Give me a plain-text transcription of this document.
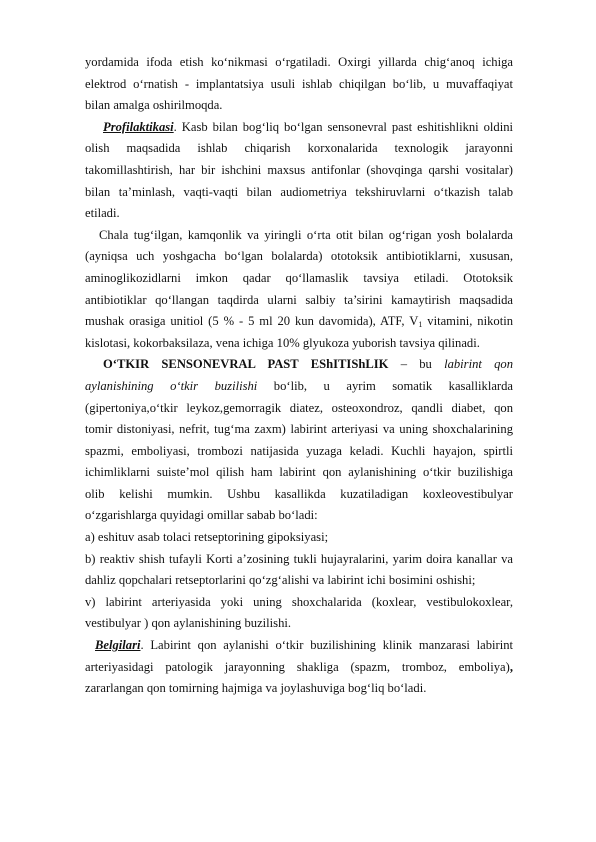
yordamida ifoda etish ko‘nikmasi o‘rgatiladi. Oxirgi yillarda chig‘anoq ichiga
elektrod o‘rnatish - implantatsiya usuli ishlab chiqilgan bo‘lib, u muvaffaqiyat
bilan amalga oshirilmoqda.
Profilaktikasi. Kasb bilan bog‘liq bo‘lgan sensonevral past eshitishlikni oldini
olish maqsadida ishlab chiqarish korxonalarida texnologik jarayonni
takomillashtirish, har bir ishchini maxsus antifonlar (shovqinga qarshi vositalar)
bilan ta’minlash, vaqti-vaqti bilan audiometriya tekshiruvlarni o‘tkazish talab
etiladi.
Chala tug‘ilgan, kamqonlik va yiringli o‘rta otit bilan og‘rigan yosh bolalarda
(ayniqsa uch yoshgacha bo‘lgan bolalarda) ototoksik antibiotiklarni, xususan,
aminoglikozidlarni imkon qadar qo‘llamaslik tavsiya etiladi. Ototoksik
antibiotiklar qo‘llangan taqdirda ularni salbiy ta’sirini kamaytirish maqsadida
mushak orasiga unitiol (5 % - 5 ml 20 kun davomida), ATF, $V_1$ vitamini, nikotin
kislotasi, kokorbaksilaza, vena ichiga 10% glyukoza yuborish tavsiya qilinadi.
O‘TKIR SENSONEVRAL PAST EShITIShLIK – bu labirint qon
aylanishining o‘tkir buzilishi bo‘lib, u ayrim somatik kasalliklarda
(gipertoniya,o‘tkir leykoz,gemorragik diatez, osteoxondroz, qandli diabet, qon
tomir distoniyasi, nefrit, tug‘ma zaxm) labirint arteriyasi va uning shoxchalarining
spazmi, emboliyasi, trombozi natijasida yuzaga keladi. Kuchli hayajon, spirtli
ichimliklarni suiste’mol qilish ham labirint qon aylanishining o‘tkir buzilishiga
olib kelishi mumkin. Ushbu kasallikda kuzatiladigan koxleovestibulyar
o‘zgarishlarga quyidagi omillar sabab bo‘ladi:
a) eshituv asab tolaci retseptorining gipoksiyasi;
b) reaktiv shish tufayli Korti a’zosining tukli hujayralarini, yarim doira kanallar va
dahliz qopchalari retseptorlarini qo‘zg‘alishi va labirint ichi bosimini oshishi;
v) labirint arteriyasida yoki uning shoxchalarida (koxlear, vestibulokoxlear,
vestibulyar ) qon aylanishining buzilishi.
Belgilari. Labirint qon aylanishi o‘tkir buzilishining klinik manzarasi labirint
arteriyasidagi patologik jarayonning shakliga (spazm, tromboz, emboliya),
zararlangan qon tomirning hajmiga va joylashuviga bog‘liq bo‘ladi.
